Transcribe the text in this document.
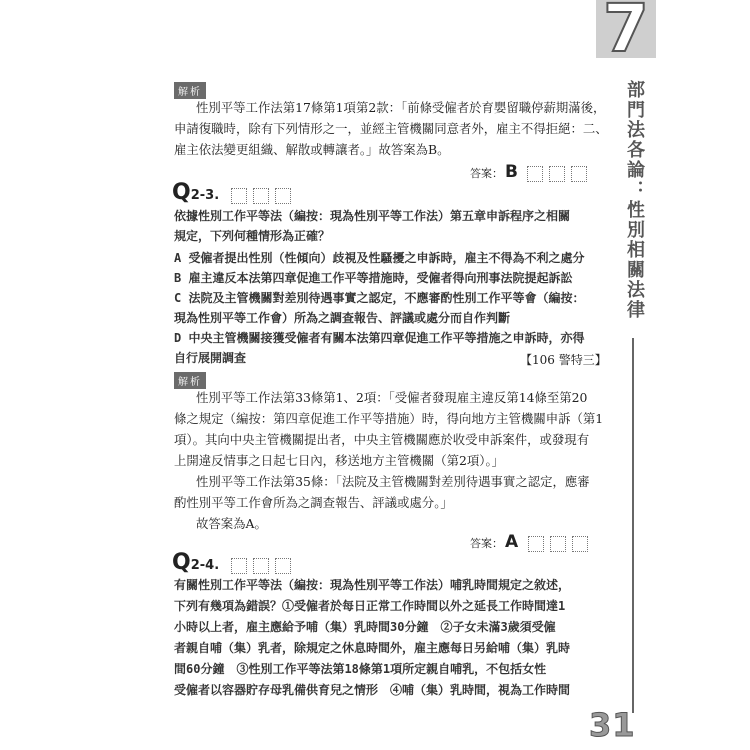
7
部門法各論：性別相關法律
31
解析
性別平等工作法第17條第1項第2款：「前條受僱者於育嬰留職停薪期滿後，
申請復職時，除有下列情形之一，並經主管機關同意者外，雇主不得拒絕：二、
雇主依法變更組織、解散或轉讓者。」故答案為B。
答案： B
Q2-3.
依據性別工作平等法（編按：現為性別平等工作法）第五章申訴程序之相關
規定，下列何種情形為正確？
A 受僱者提出性別（性傾向）歧視及性騷擾之申訴時，雇主不得為不利之處分
B 雇主違反本法第四章促進工作平等措施時，受僱者得向刑事法院提起訴訟
C 法院及主管機關對差別待遇事實之認定，不應審酌性別工作平等會（編按：
現為性別平等工作會）所為之調查報告、評議或處分而自作判斷
D 中央主管機關接獲受僱者有關本法第四章促進工作平等措施之申訴時，亦得
自行展開調查	【106 警特三】
解析
性別平等工作法第33條第1、2項：「受僱者發現雇主違反第14條至第20
條之規定（編按：第四章促進工作平等措施）時，得向地方主管機關申訴（第1
項）。其向中央主管機關提出者，中央主管機關應於收受申訴案件，或發現有
上開違反情事之日起七日內，移送地方主管機關（第2項）。」
性別平等工作法第35條：「法院及主管機關對差別待遇事實之認定，應審
酌性別平等工作會所為之調查報告、評議或處分。」
故答案為A。
答案： A
Q2-4.
有關性別工作平等法（編按：現為性別平等工作法）哺乳時間規定之敘述，
下列有幾項為錯誤？①受僱者於每日正常工作時間以外之延長工作時間達1
小時以上者，雇主應給予哺（集）乳時間30分鐘　②子女未滿3歲須受僱
者親自哺（集）乳者，除規定之休息時間外，雇主應每日另給哺（集）乳時
間60分鐘　③性別工作平等法第18條第1項所定親自哺乳，不包括女性
受僱者以容器貯存母乳備供育兒之情形　④哺（集）乳時間，視為工作時間
